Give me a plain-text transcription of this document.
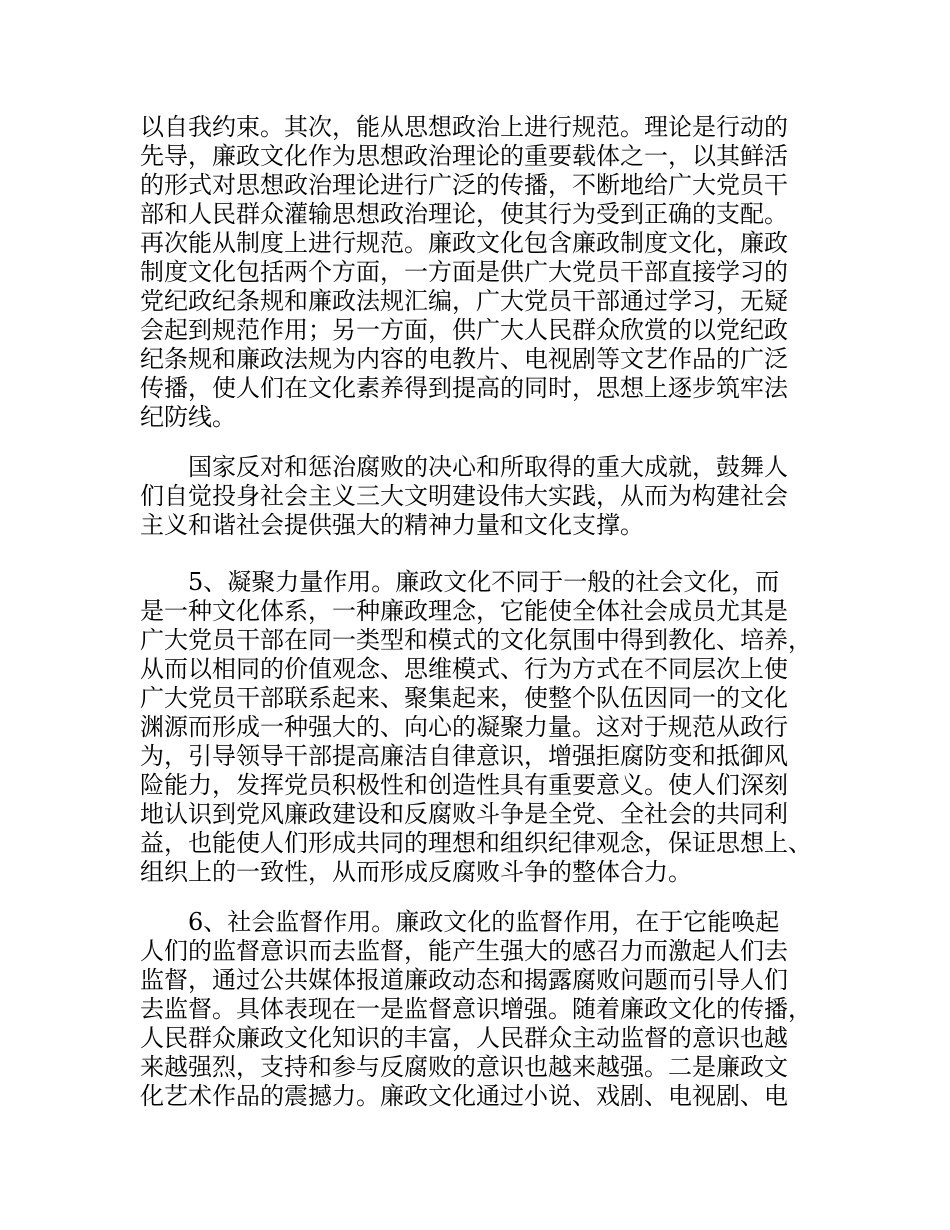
以自我约束。其次，能从思想政治上进行规范。理论是行动的
先导，廉政文化作为思想政治理论的重要载体之一，以其鲜活
的形式对思想政治理论进行广泛的传播，不断地给广大党员干
部和人民群众灌输思想政治理论，使其行为受到正确的支配。
再次能从制度上进行规范。廉政文化包含廉政制度文化，廉政
制度文化包括两个方面，一方面是供广大党员干部直接学习的
党纪政纪条规和廉政法规汇编，广大党员干部通过学习，无疑
会起到规范作用；另一方面，供广大人民群众欣赏的以党纪政
纪条规和廉政法规为内容的电教片、电视剧等文艺作品的广泛
传播，使人们在文化素养得到提高的同时，思想上逐步筑牢法
纪防线。

　　国家反对和惩治腐败的决心和所取得的重大成就，鼓舞人
们自觉投身社会主义三大文明建设伟大实践，从而为构建社会
主义和谐社会提供强大的精神力量和文化支撑。

　　5、凝聚力量作用。廉政文化不同于一般的社会文化，而
是一种文化体系，一种廉政理念，它能使全体社会成员尤其是
广大党员干部在同一类型和模式的文化氛围中得到教化、培养，
从而以相同的价值观念、思维模式、行为方式在不同层次上使
广大党员干部联系起来、聚集起来，使整个队伍因同一的文化
渊源而形成一种强大的、向心的凝聚力量。这对于规范从政行
为，引导领导干部提高廉洁自律意识，增强拒腐防变和抵御风
险能力，发挥党员积极性和创造性具有重要意义。使人们深刻
地认识到党风廉政建设和反腐败斗争是全党、全社会的共同利
益，也能使人们形成共同的理想和组织纪律观念，保证思想上、
组织上的一致性，从而形成反腐败斗争的整体合力。

　　6、社会监督作用。廉政文化的监督作用，在于它能唤起
人们的监督意识而去监督，能产生强大的感召力而激起人们去
监督，通过公共媒体报道廉政动态和揭露腐败问题而引导人们
去监督。具体表现在一是监督意识增强。随着廉政文化的传播，
人民群众廉政文化知识的丰富，人民群众主动监督的意识也越
来越强烈，支持和参与反腐败的意识也越来越强。二是廉政文
化艺术作品的震撼力。廉政文化通过小说、戏剧、电视剧、电
